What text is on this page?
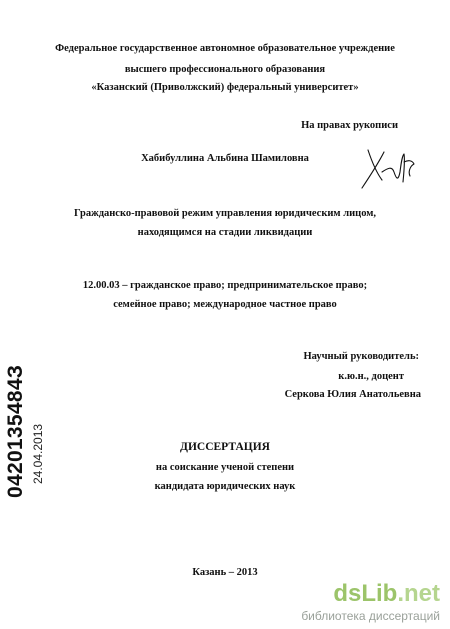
Федеральное государственное автономное образовательное учреждение
высшего профессионального образования
«Казанский (Приволжский) федеральный университет»
На правах рукописи
Хабибуллина Альбина Шамиловна
Гражданско-правовой режим управления юридическим лицом,
находящимся на стадии ликвидации
12.00.03 – гражданское право; предпринимательское право;
семейное право; международное частное право
Научный руководитель:
к.ю.н., доцент
Серкова Юлия Анатольевна
ДИССЕРТАЦИЯ
на соискание ученой степени
кандидата юридических наук
Казань – 2013
0420135484З 24.04.2013
dsLib.net
библиотека диссертаций
